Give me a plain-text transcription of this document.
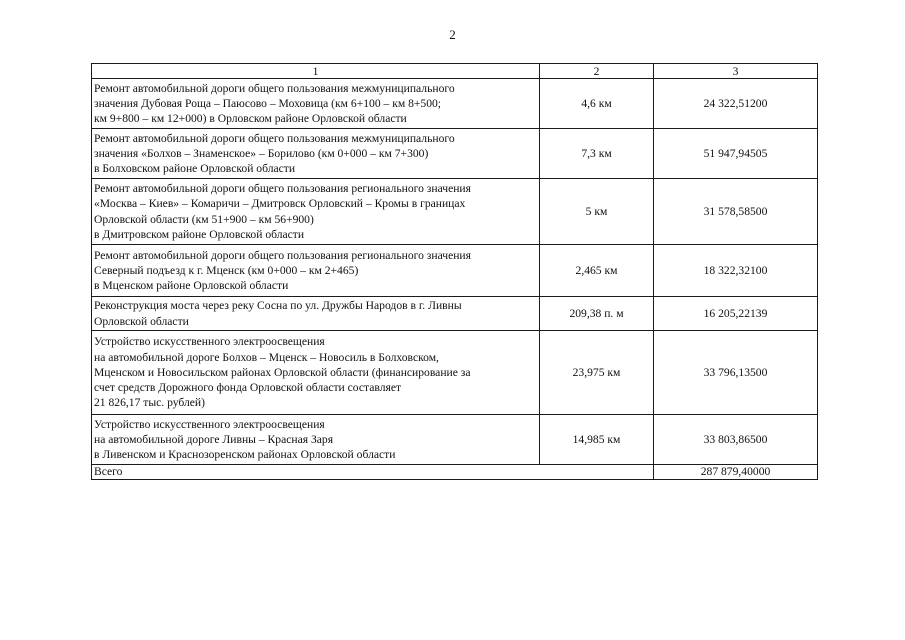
2
1	2	3

Ремонт автомобильной дороги общего пользования межмуниципального
значения Дубовая Роща – Паюсово – Моховица (км 6+100 – км 8+500;
км 9+800 – км 12+000) в Орловском районе Орловской области	4,6 км	24 322,51200

Ремонт автомобильной дороги общего пользования межмуниципального
значения «Болхов – Знаменское» – Борилово (км 0+000 – км 7+300)
в Болховском районе Орловской области	7,3 км	51 947,94505

Ремонт автомобильной дороги общего пользования регионального значения
«Москва – Киев» – Комаричи – Дмитровск Орловский – Кромы в границах
Орловской области (км 51+900 – км 56+900)
в Дмитровском районе Орловской области	5 км	31 578,58500

Ремонт автомобильной дороги общего пользования регионального значения
Северный подъезд к г. Мценск (км 0+000 – км 2+465)
в Мценском районе Орловской области	2,465 км	18 322,32100

Реконструкция моста через реку Сосна по ул. Дружбы Народов в г. Ливны
Орловской области	209,38 п. м	16 205,22139

Устройство искусственного электроосвещения
на автомобильной дороге Болхов – Мценск – Новосиль в Болховском,
Мценском и Новосильском районах Орловской области (финансирование за
счет средств Дорожного фонда Орловской области составляет
21 826,17 тыс. рублей)	23,975 км	33 796,13500

Устройство искусственного электроосвещения
на автомобильной дороге Ливны – Красная Заря
в Ливенском и Краснозоренском районах Орловской области	14,985 км	33 803,86500
Всего		287 879,40000
